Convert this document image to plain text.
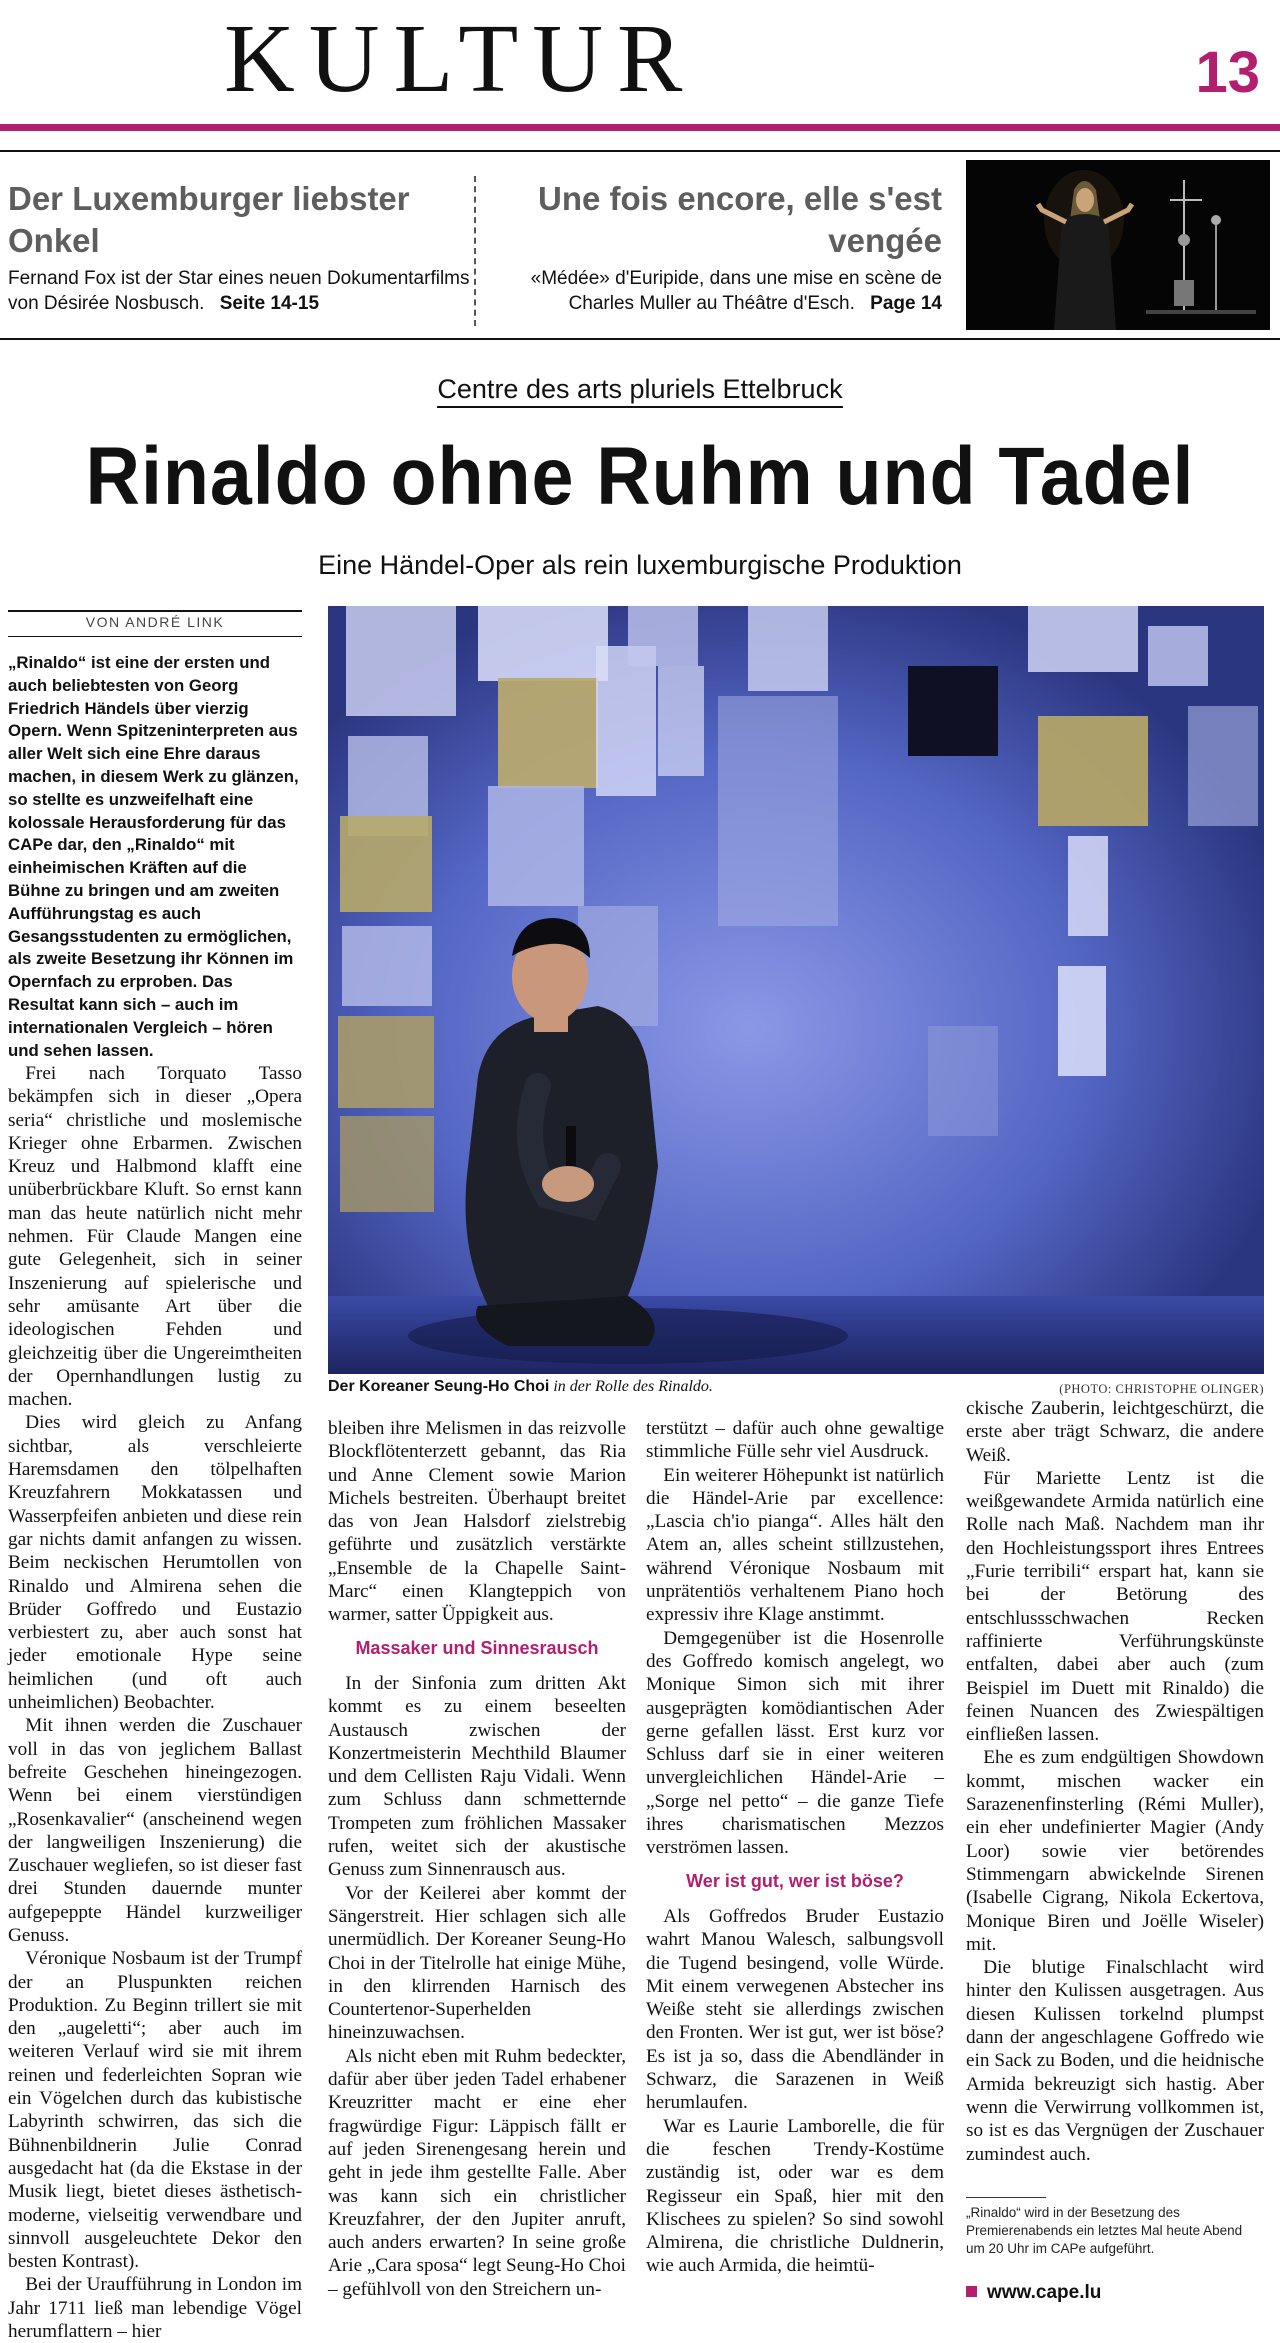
KULTUR	13
Der Luxemburger liebster Onkel
Fernand Fox ist der Star eines neuen Dokumentarfilms von Désirée Nosbusch. Seite 14-15
Une fois encore, elle s'est vengée
«Médée» d'Euripide, dans une mise en scène de Charles Muller au Théâtre d'Esch. Page 14
Centre des arts pluriels Ettelbruck
Rinaldo ohne Ruhm und Tadel
Eine Händel-Oper als rein luxemburgische Produktion
VON ANDRÉ LINK
„Rinaldo“ ist eine der ersten und auch beliebtesten von Georg Friedrich Händels über vierzig Opern. Wenn Spitzeninterpreten aus aller Welt sich eine Ehre daraus machen, in diesem Werk zu glänzen, so stellte es unzweifelhaft eine kolossale Herausforderung für das CAPe dar, den „Rinaldo“ mit einheimischen Kräften auf die Bühne zu bringen und am zweiten Aufführungstag es auch Gesangsstudenten zu ermöglichen, als zweite Besetzung ihr Können im Opernfach zu erproben. Das Resultat kann sich – auch im internationalen Vergleich – hören und sehen lassen.

Frei nach Torquato Tasso bekämpfen sich in dieser „Opera seria“ christliche und moslemische Krieger ohne Erbarmen. Zwischen Kreuz und Halbmond klafft eine unüberbrückbare Kluft. So ernst kann man das heute natürlich nicht mehr nehmen. Für Claude Mangen eine gute Gelegenheit, sich in seiner Inszenierung auf spielerische und sehr amüsante Art über die ideologischen Fehden und gleichzeitig über die Ungereimtheiten der Opernhandlungen lustig zu machen.

Dies wird gleich zu Anfang sichtbar, als verschleierte Haremsdamen den tölpelhaften Kreuzfahrern Mokkatassen und Wasserpfeifen anbieten und diese rein gar nichts damit anfangen zu wissen. Beim neckischen Herumtollen von Rinaldo und Almirena sehen die Brüder Goffredo und Eustazio verbiestert zu, aber auch sonst hat jeder emotionale Hype seine heimlichen (und oft auch unheimlichen) Beobachter.

Mit ihnen werden die Zuschauer voll in das von jeglichem Ballast befreite Geschehen hineingezogen. Wenn bei einem vierstündigen „Rosenkavalier“ (anscheinend wegen der langweiligen Inszenierung) die Zuschauer wegliefen, so ist dieser fast drei Stunden dauernde munter aufgepeppte Händel kurzweiliger Genuss.

Véronique Nosbaum ist der Trumpf der an Pluspunkten reichen Produktion. Zu Beginn trillert sie mit den „augeletti“; aber auch im weiteren Verlauf wird sie mit ihrem reinen und federleichten Sopran wie ein Vögelchen durch das kubistische Labyrinth schwirren, das sich die Bühnenbildnerin Julie Conrad ausgedacht hat (da die Ekstase in der Musik liegt, bietet dieses ästhetisch-moderne, vielseitig verwendbare und sinnvoll ausgeleuchtete Dekor den besten Kontrast).

Bei der Uraufführung in London im Jahr 1711 ließ man lebendige Vögel herumflattern – hier

Der Koreaner Seung-Ho Choi in der Rolle des Rinaldo.	(PHOTO: CHRISTOPHE OLINGER)

bleiben ihre Melismen in das reizvolle Blockflötenterzett gebannt, das Ria und Anne Clement sowie Marion Michels bestreiten. Überhaupt breitet das von Jean Halsdorf zielstrebig geführte und zusätzlich verstärkte „Ensemble de la Chapelle Saint-Marc“ einen Klangteppich von warmer, satter Üppigkeit aus.

Massaker und Sinnesrausch

In der Sinfonia zum dritten Akt kommt es zu einem beseelten Austausch zwischen der Konzertmeisterin Mechthild Blaumer und dem Cellisten Raju Vidali. Wenn zum Schluss dann schmetternde Trompeten zum fröhlichen Massaker rufen, weitet sich der akustische Genuss zum Sinnenrausch aus.

Vor der Keilerei aber kommt der Sängerstreit. Hier schlagen sich alle unermüdlich. Der Koreaner Seung-Ho Choi in der Titelrolle hat einige Mühe, in den klirrenden Harnisch des Countertenor-Superhelden hineinzuwachsen.

Als nicht eben mit Ruhm bedeckter, dafür aber über jeden Tadel erhabener Kreuzritter macht er eine eher fragwürdige Figur: Läppisch fällt er auf jeden Sirenengesang herein und geht in jede ihm gestellte Falle. Aber was kann sich ein christlicher Kreuzfahrer, der den Jupiter anruft, auch anders erwarten? In seine große Arie „Cara sposa“ legt Seung-Ho Choi – gefühlvoll von den Streichern un-

terstützt – dafür auch ohne gewaltige stimmliche Fülle sehr viel Ausdruck.

Ein weiterer Höhepunkt ist natürlich die Händel-Arie par excellence: „Lascia ch'io pianga“. Alles hält den Atem an, alles scheint stillzustehen, während Véronique Nosbaum mit unprätentiös verhaltenem Piano hoch expressiv ihre Klage anstimmt.

Demgegenüber ist die Hosenrolle des Goffredo komisch angelegt, wo Monique Simon sich mit ihrer ausgeprägten komödiantischen Ader gerne gefallen lässt. Erst kurz vor Schluss darf sie in einer weiteren unvergleichlichen Händel-Arie – „Sorge nel petto“ – die ganze Tiefe ihres charismatischen Mezzos verströmen lassen.

Wer ist gut, wer ist böse?

Als Goffredos Bruder Eustazio wahrt Manou Walesch, salbungsvoll die Tugend besingend, volle Würde. Mit einem verwegenen Abstecher ins Weiße steht sie allerdings zwischen den Fronten. Wer ist gut, wer ist böse? Es ist ja so, dass die Abendländer in Schwarz, die Sarazenen in Weiß herumlaufen.

War es Laurie Lamborelle, die für die feschen Trendy-Kostüme zuständig ist, oder war es dem Regisseur ein Spaß, hier mit den Klischees zu spielen? So sind sowohl Almirena, die christliche Duldnerin, wie auch Armida, die heimtü-

ckische Zauberin, leichtgeschürzt, die erste aber trägt Schwarz, die andere Weiß.

Für Mariette Lentz ist die weißgewandete Armida natürlich eine Rolle nach Maß. Nachdem man ihr den Hochleistungssport ihres Entrees „Furie terribili“ erspart hat, kann sie bei der Betörung des entschlussschwachen Recken raffinierte Verführungskünste entfalten, dabei aber auch (zum Beispiel im Duett mit Rinaldo) die feinen Nuancen des Zwiespältigen einfließen lassen.

Ehe es zum endgültigen Showdown kommt, mischen wacker ein Sarazenenfinsterling (Rémi Muller), ein eher undefinierter Magier (Andy Loor) sowie vier betörendes Stimmengarn abwickelnde Sirenen (Isabelle Cigrang, Nikola Eckertova, Monique Biren und Joëlle Wiseler) mit.

Die blutige Finalschlacht wird hinter den Kulissen ausgetragen. Aus diesen Kulissen torkelnd plumpst dann der angeschlagene Goffredo wie ein Sack zu Boden, und die heidnische Armida bekreuzigt sich hastig. Aber wenn die Verwirrung vollkommen ist, so ist es das Vergnügen der Zuschauer zumindest auch.

„Rinaldo“ wird in der Besetzung des Premierenabends ein letztes Mal heute Abend um 20 Uhr im CAPe aufgeführt.
www.cape.lu
